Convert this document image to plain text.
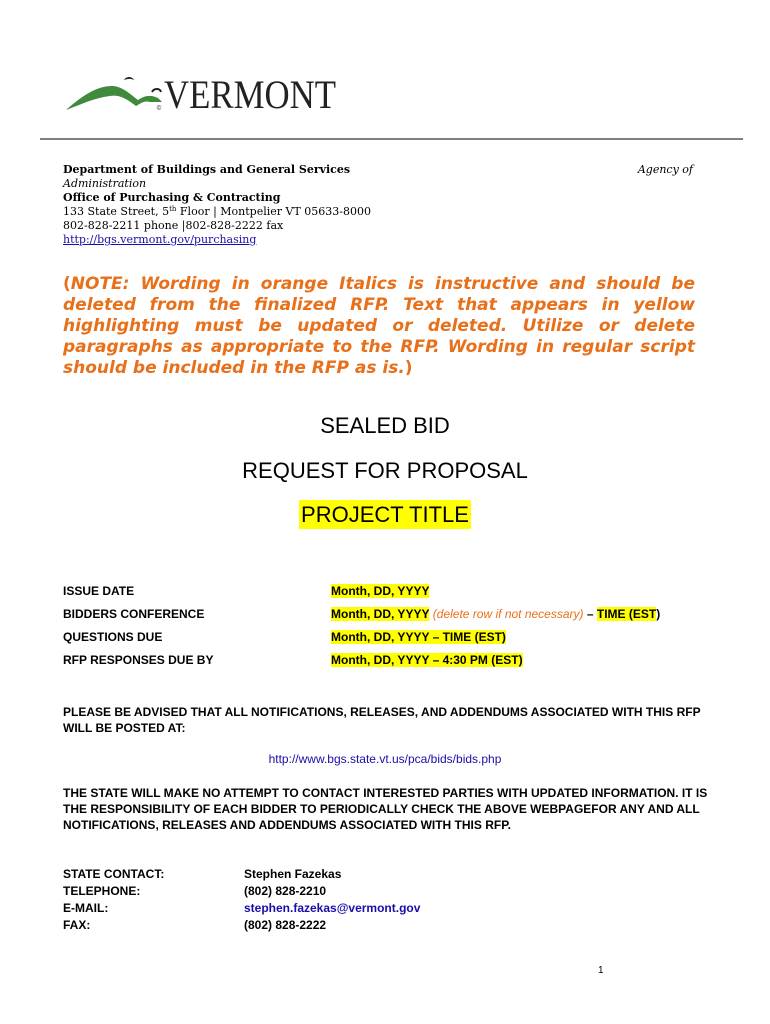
© VERMONT
Department of Buildings and General Services	Agency of
Administration
Office of Purchasing & Contracting
133 State Street, 5th Floor | Montpelier VT 05633-8000
802-828-2211 phone |802-828-2222 fax
http://bgs.vermont.gov/purchasing
(NOTE: Wording in orange Italics is instructive and should be deleted from the finalized RFP. Text that appears in yellow highlighting must be updated or deleted. Utilize or delete paragraphs as appropriate to the RFP. Wording in regular script should be included in the RFP as is.)
SEALED BID
REQUEST FOR PROPOSAL
PROJECT TITLE
ISSUE DATE	Month, DD, YYYY
BIDDERS CONFERENCE	Month, DD, YYYY (delete row if not necessary) – TIME (EST)
QUESTIONS DUE	Month, DD, YYYY – TIME (EST)
RFP RESPONSES DUE BY	Month, DD, YYYY – 4:30 PM (EST)
PLEASE BE ADVISED THAT ALL NOTIFICATIONS, RELEASES, AND ADDENDUMS ASSOCIATED WITH THIS RFP WILL BE POSTED AT:
http://www.bgs.state.vt.us/pca/bids/bids.php
THE STATE WILL MAKE NO ATTEMPT TO CONTACT INTERESTED PARTIES WITH UPDATED INFORMATION. IT IS THE RESPONSIBILITY OF EACH BIDDER TO PERIODICALLY CHECK THE ABOVE WEBPAGEFOR ANY AND ALL NOTIFICATIONS, RELEASES AND ADDENDUMS ASSOCIATED WITH THIS RFP.
STATE CONTACT:	Stephen Fazekas
TELEPHONE:	(802) 828-2210
E-MAIL:	stephen.fazekas@vermont.gov
FAX:	(802) 828-2222
1
